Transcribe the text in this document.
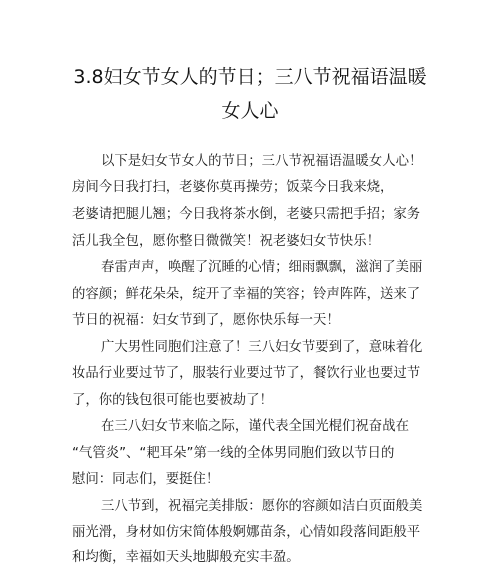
3.8妇女节女人的节日；三八节祝福语温暖
女人心
以下是妇女节女人的节日；三八节祝福语温暖女人心！
房间今日我打扫，老婆你莫再操劳；饭菜今日我来烧，
老婆请把腿儿翘；今日我将茶水倒，老婆只需把手招；家务
活儿我全包，愿你整日微微笑！祝老婆妇女节快乐！
春雷声声，唤醒了沉睡的心情；细雨飘飘，滋润了美丽
的容颜；鲜花朵朵，绽开了幸福的笑容；铃声阵阵，送来了
节日的祝福：妇女节到了，愿你快乐每一天！
广大男性同胞们注意了！三八妇女节要到了，意味着化
妆品行业要过节了，服装行业要过节了，餐饮行业也要过节
了，你的钱包很可能也要被劫了！
在三八妇女节来临之际，谨代表全国光棍们祝奋战在
“气管炎”、“耙耳朵”第一线的全体男同胞们致以节日的
慰问：同志们，要挺住！
三八节到，祝福完美排版：愿你的容颜如洁白页面般美
丽光滑，身材如仿宋简体般婀娜苗条，心情如段落间距般平
和均衡，幸福如天头地脚般充实丰盈。
